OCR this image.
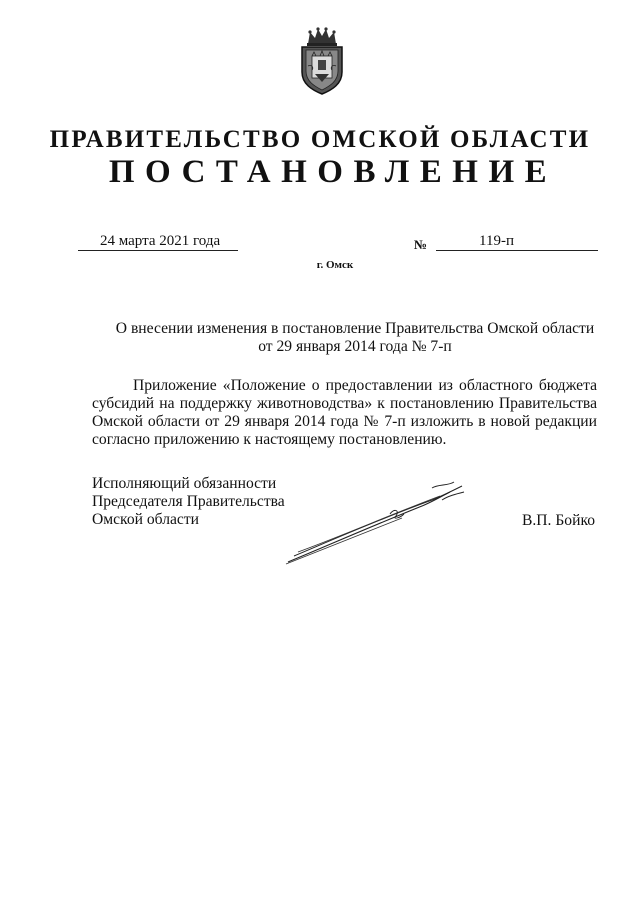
ПРАВИТЕЛЬСТВО ОМСКОЙ ОБЛАСТИ
ПОСТАНОВЛЕНИЕ
24 марта 2021 года	№	119-п
г. Омск
О внесении изменения в постановление Правительства Омской области
от 29 января 2014 года № 7-п
Приложение «Положение о предоставлении из областного бюджета
субсидий на поддержку животноводства» к постановлению Правительства
Омской области от 29 января 2014 года № 7-п изложить в новой редакции
согласно приложению к настоящему постановлению.
Исполняющий обязанности
Председателя Правительства
Омской области	В.П. Бойко
